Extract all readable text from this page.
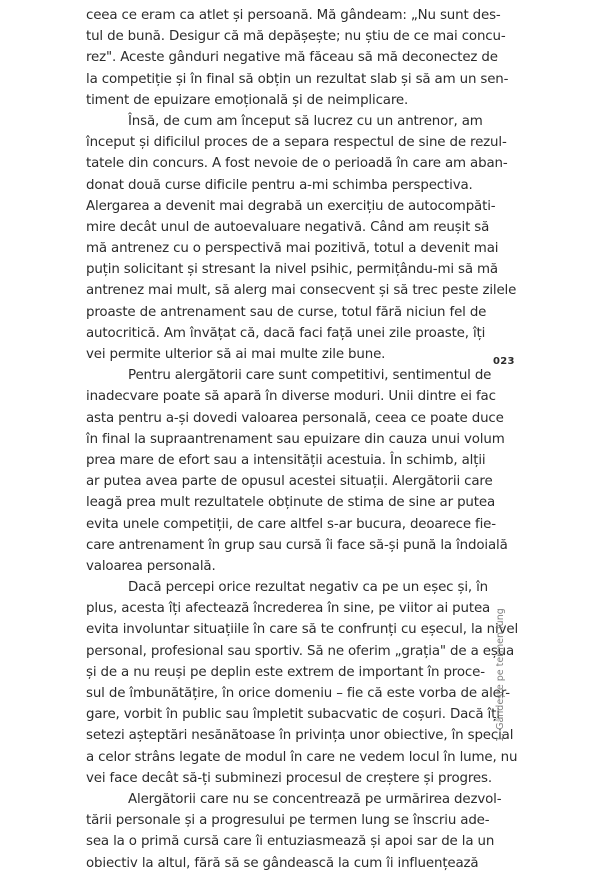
ceea ce eram ca atlet și persoană. Mă gândeam: „Nu sunt des-
tul de bună. Desigur că mă depășește; nu știu de ce mai concu-
rez". Aceste gânduri negative mă făceau să mă deconectez de
la competiție și în final să obțin un rezultat slab și să am un sen-
timent de epuizare emoțională și de neimplicare.
Însă, de cum am început să lucrez cu un antrenor, am
început și dificilul proces de a separa respectul de sine de rezul-
tatele din concurs. A fost nevoie de o perioadă în care am aban-
donat două curse dificile pentru a-mi schimba perspectiva.
Alergarea a devenit mai degrabă un exercițiu de autocompăti-
mire decât unul de autoevaluare negativă. Când am reușit să
mă antrenez cu o perspectivă mai pozitivă, totul a devenit mai
puțin solicitant și stresant la nivel psihic, permițându-mi să mă
antrenez mai mult, să alerg mai consecvent și să trec peste zilele
proaste de antrenament sau de curse, totul fără niciun fel de
autocritică. Am învățat că, dacă faci față unei zile proaste, îți
vei permite ulterior să ai mai multe zile bune.
Pentru alergătorii care sunt competitivi, sentimentul de
inadecvare poate să apară în diverse moduri. Unii dintre ei fac
asta pentru a-și dovedi valoarea personală, ceea ce poate duce
în final la supraantrenament sau epuizare din cauza unui volum
prea mare de efort sau a intensității acestuia. În schimb, alții
ar putea avea parte de opusul acestei situații. Alergătorii care
leagă prea mult rezultatele obținute de stima de sine ar putea
evita unele competiții, de care altfel s-ar bucura, deoarece fie-
care antrenament în grup sau cursă îi face să-și pună la îndoială
valoarea personală.
Dacă percepi orice rezultat negativ ca pe un eșec și, în
plus, acesta îți afectează încrederea în sine, pe viitor ai putea
evita involuntar situațiile în care să te confrunți cu eșecul, la nivel
personal, profesional sau sportiv. Să ne oferim „grația" de a eșua
și de a nu reuși pe deplin este extrem de important în proce-
sul de îmbunătățire, în orice domeniu – fie că este vorba de aler-
gare, vorbit în public sau împletit subacvatic de coșuri. Dacă îți
setezi așteptări nesănătoase în privința unor obiective, în special
a celor strâns legate de modul în care ne vedem locul în lume, nu
vei face decât să-ți subminezi procesul de creștere și progres.
Alergătorii care nu se concentrează pe urmărirea dezvol-
tării personale și a progresului pe termen lung se înscriu ade-
sea la o primă cursă care îi entuziasmează și apoi sar de la un
obiectiv la altul, fără să se gândească la cum îi influențează
023
1. Gândește pe termen lung
